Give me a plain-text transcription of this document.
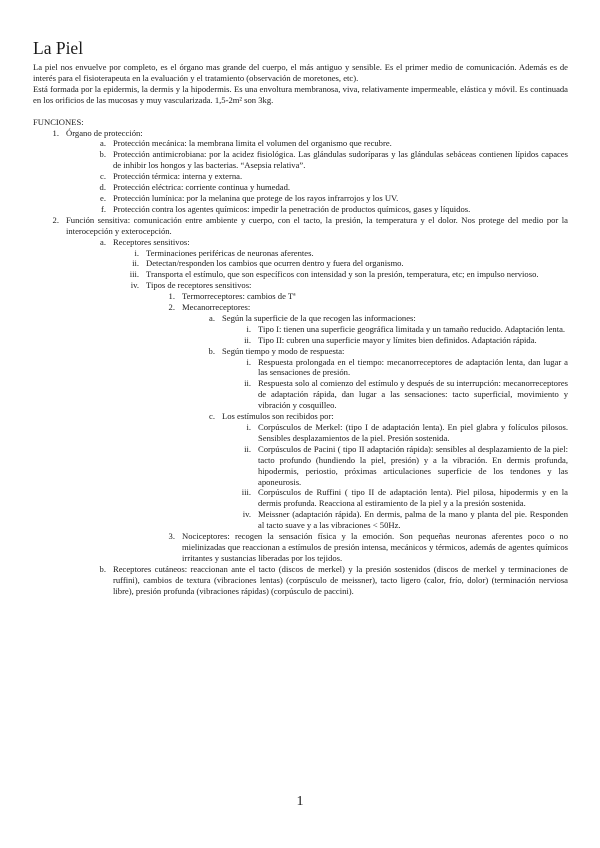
La Piel

La piel nos envuelve por completo, es el órgano mas grande del cuerpo, el más antiguo y sensible. Es el primer medio de comunicación. Además es de interés para el fisioterapeuta en la evaluación y el tratamiento (observación de moretones, etc).

Está formada por la epidermis, la dermis y la hipodermis. Es una envoltura membranosa, viva, relativamente impermeable, elástica y móvil. Es continuada en los orificios de las mucosas y muy vascularizada. 1,5-2m² son 3kg.

FUNCIONES:
1. Órgano de protección:
a. Protección mecánica: la membrana limita el volumen del organismo que recubre.
b. Protección antimicrobiana: por la acidez fisiológica. Las glándulas sudoríparas y las glándulas sebáceas contienen lípidos capaces de inhibir los hongos y las bacterias. “Asepsia relativa”.
c. Protección térmica: interna y externa.
d. Protección eléctrica: corriente continua y humedad.
e. Protección lumínica: por la melanina que protege de los rayos infrarrojos y los UV.
f. Protección contra los agentes químicos: impedir la penetración de productos químicos, gases y líquidos.
2. Función sensitiva: comunicación entre ambiente y cuerpo, con el tacto, la presión, la temperatura y el dolor. Nos protege del medio por la interocepción y exterocepción.
a. Receptores sensitivos:
i. Terminaciones periféricas de neuronas aferentes.
ii. Detectan/responden los cambios que ocurren dentro y fuera del organismo.
iii. Transporta el estímulo, que son específicos con intensidad y son la presión, temperatura, etc; en impulso nervioso.
iv. Tipos de receptores sensitivos:
1. Termorreceptores: cambios de Tª
2. Mecanorreceptores:
a. Según la superficie de la que recogen las informaciones:
i. Tipo I: tienen una superficie geográfica limitada y un tamaño reducido. Adaptación lenta.
ii. Tipo II: cubren una superficie mayor y límites bien definidos. Adaptación rápida.
b. Según tiempo y modo de respuesta:
i. Respuesta prolongada en el tiempo: mecanorreceptores de adaptación lenta, dan lugar a las sensaciones de presión.
ii. Respuesta solo al comienzo del estímulo y después de su interrupción: mecanorreceptores de adaptación rápida, dan lugar a las sensaciones: tacto superficial, movimiento y vibración y cosquilleo.
c. Los estímulos son recibidos por:
i. Corpúsculos de Merkel: (tipo I de adaptación lenta). En piel glabra y folículos pilosos. Sensibles desplazamientos de la piel. Presión sostenida.
ii. Corpúsculos de Pacini ( tipo II adaptación rápida): sensibles al desplazamiento de la piel: tacto profundo (hundiendo la piel, presión) y a la vibración. En dermis profunda, hipodermis, periostio, próximas articulaciones superficie de los tendones y las aponeurosis.
iii. Corpúsculos de Ruffini ( tipo II de adaptación lenta). Piel pilosa, hipodermis y en la dermis profunda. Reacciona al estiramiento de la piel y a la presión sostenida.
iv. Meissner (adaptación rápida). En dermis, palma de la mano y planta del pie. Responden al tacto suave y a las vibraciones < 50Hz.
3. Nociceptores: recogen la sensación física y la emoción. Son pequeñas neuronas aferentes poco o no mielinizadas que reaccionan a estímulos de presión intensa, mecánicos y térmicos, además de agentes químicos irritantes y sustancias liberadas por los tejidos.
b. Receptores cutáneos: reaccionan ante el tacto (discos de merkel) y la presión sostenidos (discos de merkel y terminaciones de ruffini), cambios de textura (vibraciones lentas) (corpúsculo de meissner), tacto ligero (calor, frío, dolor) (terminación nerviosa libre), presión profunda (vibraciones rápidas) (corpúsculo de paccini).
1
